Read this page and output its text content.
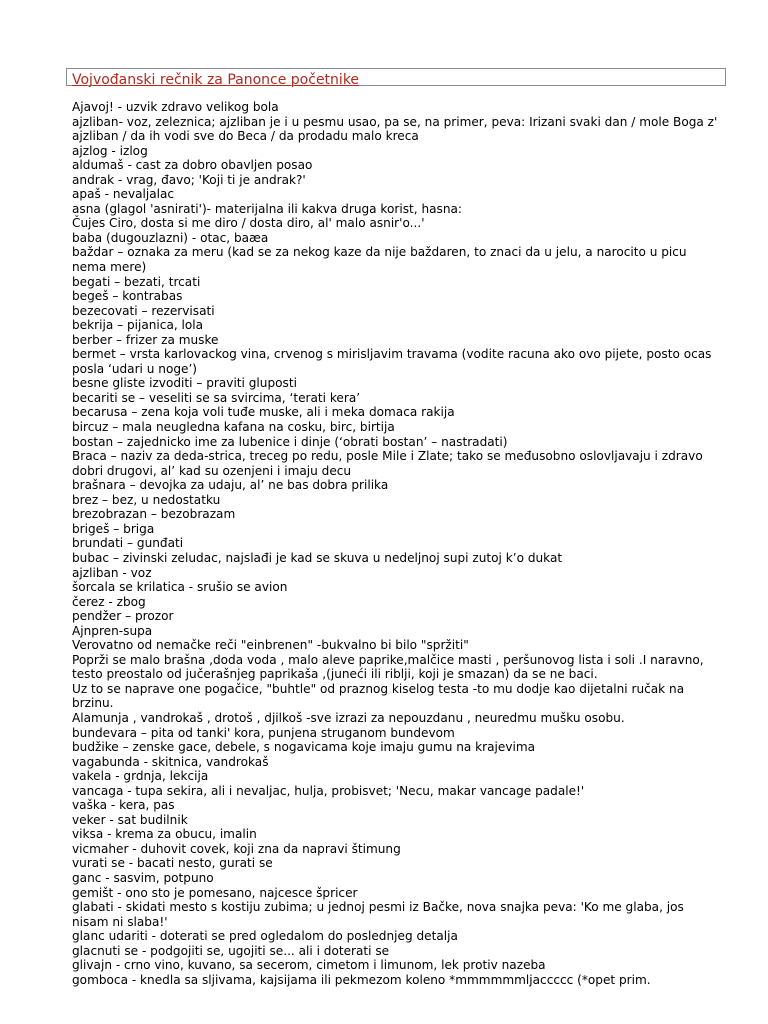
Vojvođanski rečnik za Panonce početnike

Ajavoj! - uzvik zdravo velikog bola

ajzliban- voz, zeleznica; ajzliban je i u pesmu usao, pa se, na primer, peva: Irizani svaki dan / mole Boga z' ajzliban / da ih vodi sve do Beca / da prodadu malo kreca

ajzlog - izlog

aldumaš - cast za dobro obavljen posao

andrak - vrag, đavo; 'Koji ti je andrak?'

apaš - nevaljalac

asna (glagol 'asnirati')- materijalna ili kakva druga korist, hasna:

Čujes Ciro, dosta si me diro / dosta diro, al' malo asnir'o...'

baba (dugouzlazni) - otac, baæa

baždar – oznaka za meru (kad se za nekog kaze da nije baždaren, to znaci da u jelu, a narocito u picu nema mere)

begati – bezati, trcati

begeš – kontrabas

bezecovati – rezervisati

bekrija – pijanica, lola

berber – frizer za muske

bermet – vrsta karlovackog vina, crvenog s mirisljavim travama (vodite racuna ako ovo pijete, posto ocas posla ‘udari u noge’)

besne gliste izvoditi – praviti gluposti

becariti se – veseliti se sa svircima, ‘terati kera’

becarusa – zena koja voli tuđe muske, ali i meka domaca rakija

bircuz – mala neugledna kafana na cosku, birc, birtija

bostan – zajednicko ime za lubenice i dinje (‘obrati bostan’ – nastradati)

Braca – naziv za deda-strica, treceg po redu, posle Mile i Zlate; tako se međusobno oslovljavaju i zdravo dobri drugovi, al’ kad su ozenjeni i imaju decu

brašnara – devojka za udaju, al’ ne bas dobra prilika

brez – bez, u nedostatku

brezobrazan – bezobrazam

brigeš – briga

brundati – gunđati

bubac – zivinski zeludac, najslađi je kad se skuva u nedeljnoj supi zutoj k’o dukat

ajzliban - voz

šorcala se krilatica - srušio se avion

čerez - zbog

pendžer – prozor

Ajnpren-supa

Verovatno od nemačke reči "einbrenen" -bukvalno bi bilo "spržiti"

Poprži se malo brašna ,doda voda , malo aleve paprike,malčice masti , peršunovog lista i soli .I naravno, testo preostalo od jučerašnjeg paprikaša ,(juneći ili riblji, koji je smazan) da se ne baci.

Uz to se naprave one pogačice, "buhtle" od praznog kiselog testa -to mu dodje kao dijetalni ručak na brzinu.

Alamunja , vandrokaš , drotoš , djilkoš -sve izrazi za nepouzdanu , neuredmu mušku osobu.

bundevara – pita od tanki' kora, punjena struganom bundevom

budžike – zenske gace, debele, s nogavicama koje imaju gumu na krajevima

vagabunda - skitnica, vandrokaš

vakela - grdnja, lekcija

vancaga - tupa sekira, ali i nevaljac, hulja, probisvet; 'Necu, makar vancage padale!'

vaška - kera, pas

veker - sat budilnik

viksa - krema za obucu, imalin

vicmaher - duhovit covek, koji zna da napravi štimung

vurati se - bacati nesto, gurati se

ganc - sasvim, potpuno

gemišt - ono sto je pomesano, najcesce špricer

glabati - skidati mesto s kostiju zubima; u jednoj pesmi iz Bačke, nova snajka peva: 'Ko me glaba, jos nisam ni slaba!'

glanc udariti - doterati se pred ogledalom do poslednjeg detalja

glacnuti se - podgojiti se, ugojiti se... ali i doterati se

glivajn - crno vino, kuvano, sa secerom, cimetom i limunom, lek protiv nazeba

gomboca - knedla sa sljivama, kajsijama ili pekmezom koleno *mmmmmmljaccccc (*opet prim.
